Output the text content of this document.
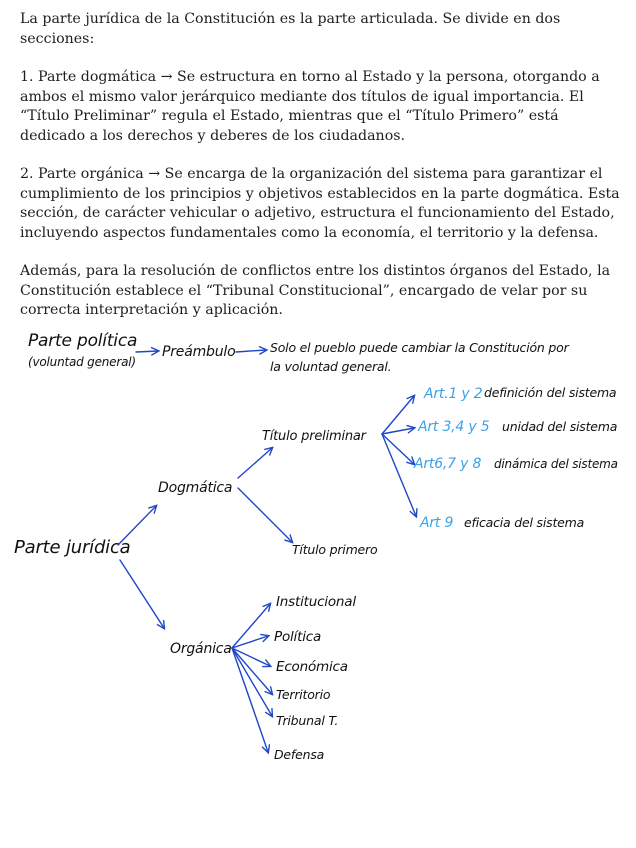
La parte jurídica de la Constitución es la parte articulada. Se divide en dos secciones:

1. Parte dogmática → Se estructura en torno al Estado y la persona, otorgando a ambos el mismo valor jerárquico mediante dos títulos de igual importancia. El “Título Preliminar” regula el Estado, mientras que el “Título Primero” está dedicado a los derechos y deberes de los ciudadanos.

2. Parte orgánica → Se encarga de la organización del sistema para garantizar el cumplimiento de los principios y objetivos establecidos en la parte dogmática. Esta sección, de carácter vehicular o adjetivo, estructura el funcionamiento del Estado, incluyendo aspectos fundamentales como la economía, el territorio y la defensa.

Además, para la resolución de conflictos entre los distintos órganos del Estado, la Constitución establece el “Tribunal Constitucional”, encargado de velar por su correcta interpretación y aplicación.

Parte política
(voluntad general)
Preámbulo	Solo el pueblo puede cambiar la Constitución por
la voluntad general.
Parte jurídica
Dogmática
Título preliminar
Título primero
Art.1 y 2 definición del sistema
Art 3,4 y 5 unidad del sistema
Art6,7 y 8 dinámica del sistema
Art 9 eficacia del sistema
Orgánica
Institucional
Política
Económica
Territorio
Tribunal T.
Defensa
